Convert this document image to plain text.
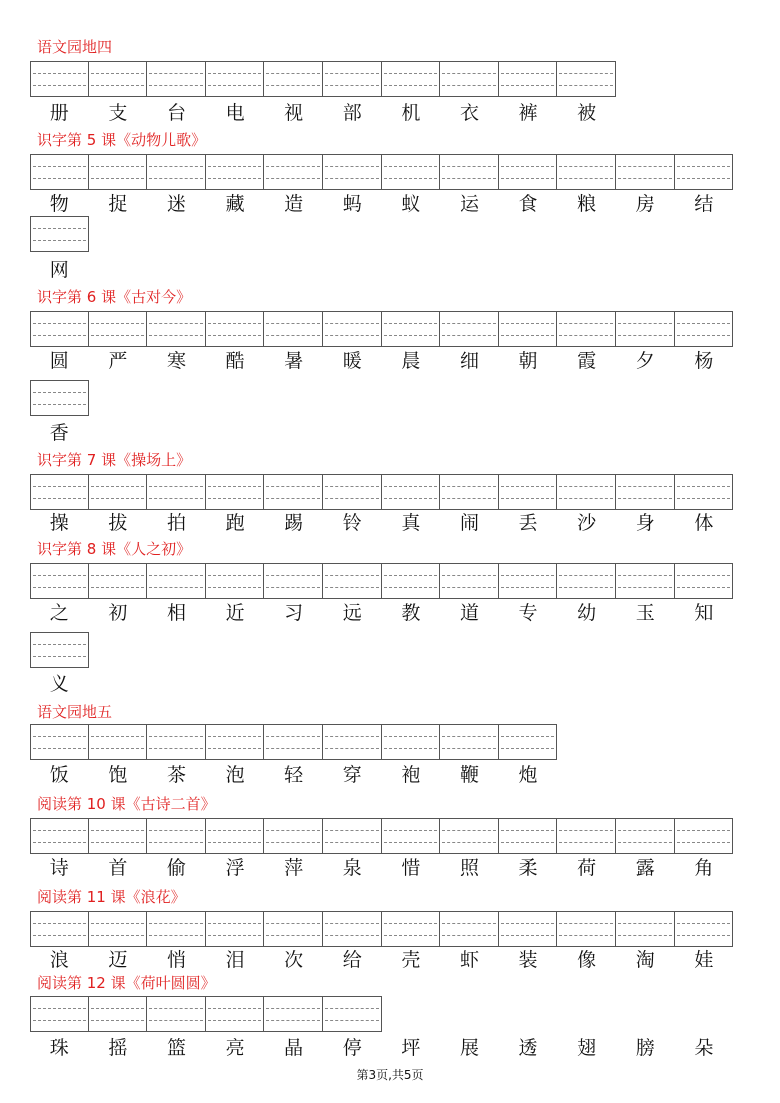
语文园地四
册	支	台	电	视	部	机	衣	裤	被
识字第 5 课《动物儿歌》
物	捉	迷	藏	造	蚂	蚁	运	食	粮	房	结
网
识字第 6 课《古对今》
圆	严	寒	酷	暑	暖	晨	细	朝	霞	夕	杨
香
识字第 7 课《操场上》
操	拔	拍	跑	踢	铃	真	闹	丢	沙	身	体
识字第 8 课《人之初》
之	初	相	近	习	远	教	道	专	幼	玉	知
义
语文园地五
饭	饱	茶	泡	轻	穿	袍	鞭	炮
阅读第 10 课《古诗二首》
诗	首	偷	浮	萍	泉	惜	照	柔	荷	露	角
阅读第 11 课《浪花》
浪	迈	悄	泪	次	给	壳	虾	装	像	淘	娃
阅读第 12 课《荷叶圆圆》
珠	摇	篮	亮	晶	停	坪	展	透	翅	膀	朵
第3页,共5页
